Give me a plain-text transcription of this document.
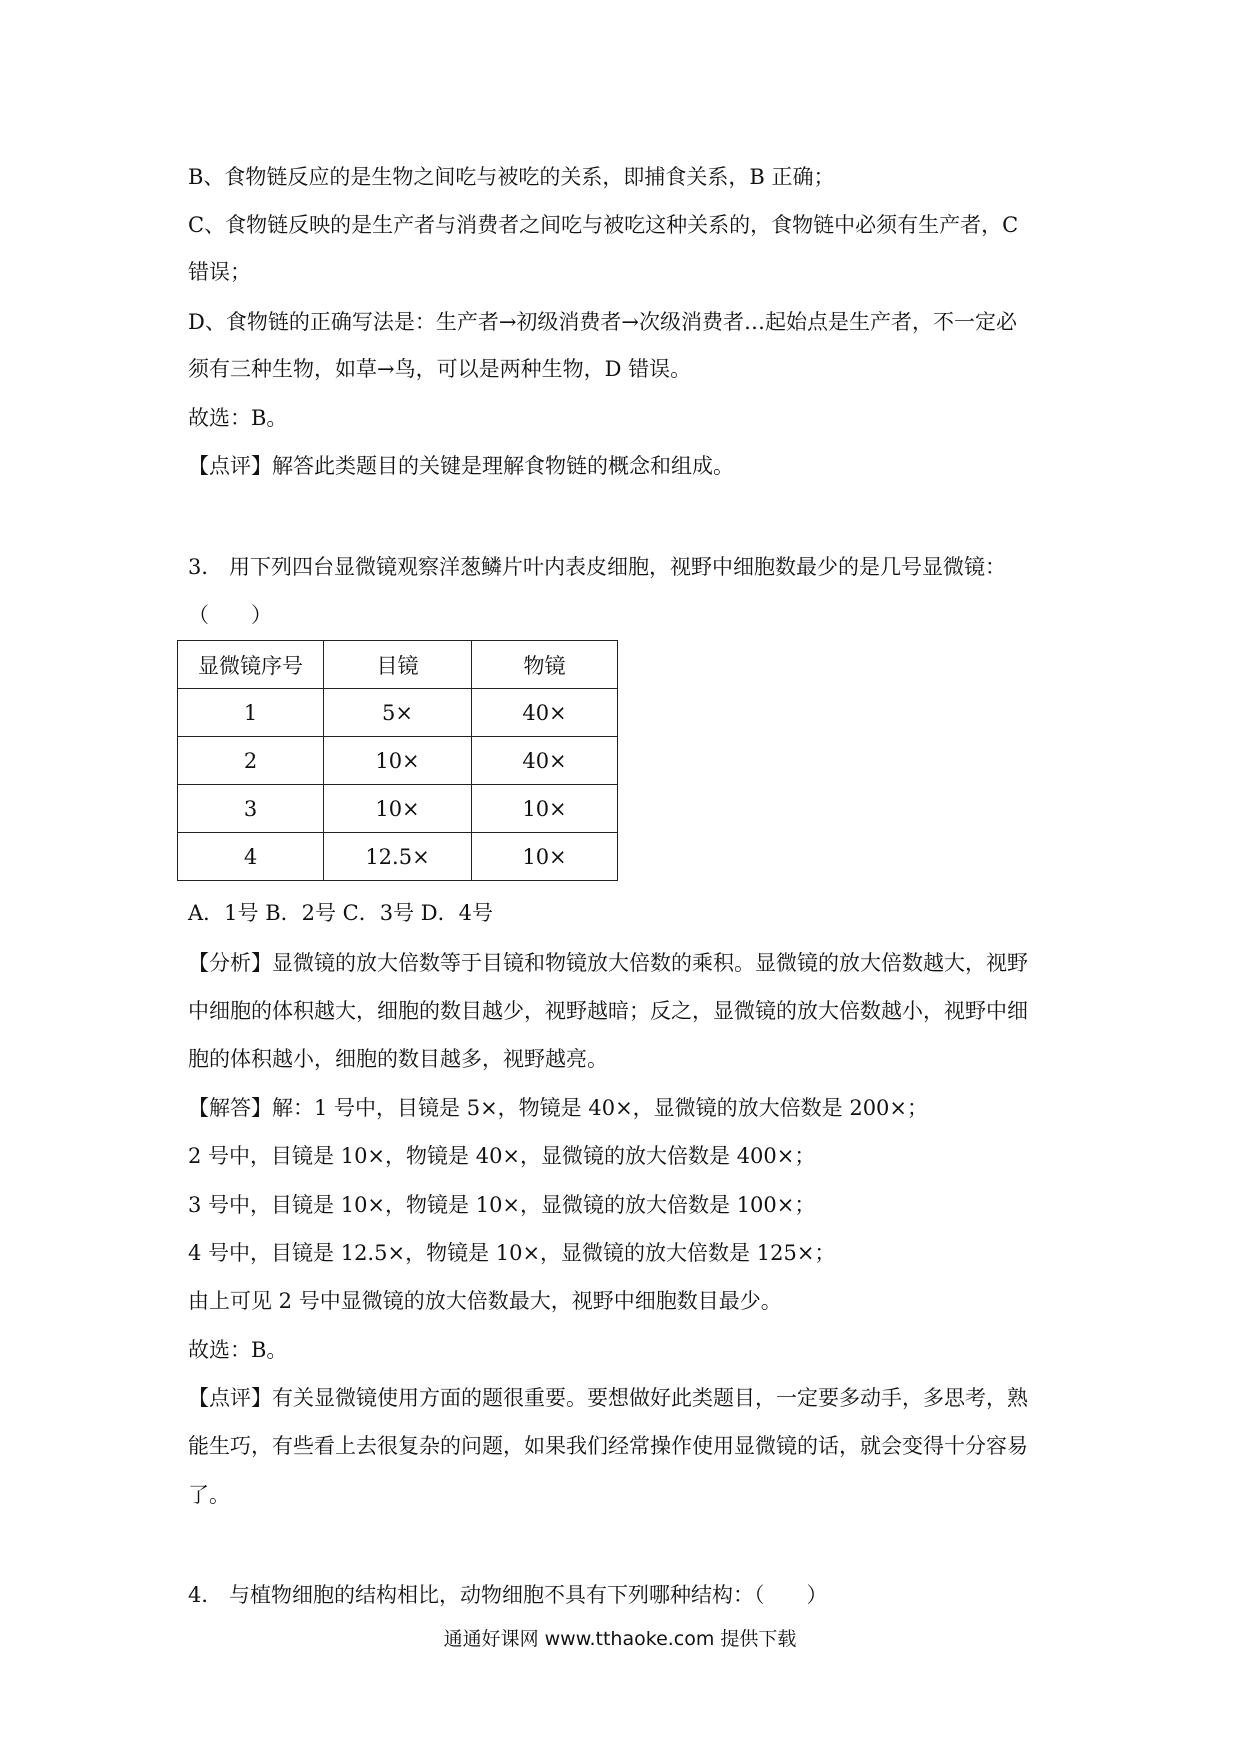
B、食物链反应的是生物之间吃与被吃的关系，即捕食关系，B 正确；
C、食物链反映的是生产者与消费者之间吃与被吃这种关系的，食物链中必须有生产者，C
错误；
D、食物链的正确写法是：生产者→初级消费者→次级消费者…起始点是生产者，不一定必
须有三种生物，如草→鸟，可以是两种生物，D 错误。
故选：B。
【点评】解答此类题目的关键是理解食物链的概念和组成。
3． 用下列四台显微镜观察洋葱鳞片叶内表皮细胞，视野中细胞数最少的是几号显微镜：
（　　）
显微镜序号	目镜	物镜
1	5×	40×
2	10×	40×
3	10×	10×
4	12.5×	10×
A．1号 B．2号 C．3号 D．4号
【分析】显微镜的放大倍数等于目镜和物镜放大倍数的乘积。显微镜的放大倍数越大，视野
中细胞的体积越大，细胞的数目越少，视野越暗；反之，显微镜的放大倍数越小，视野中细
胞的体积越小，细胞的数目越多，视野越亮。
【解答】解：1 号中，目镜是 5×，物镜是 40×，显微镜的放大倍数是 200×；
2 号中，目镜是 10×，物镜是 40×，显微镜的放大倍数是 400×；
3 号中，目镜是 10×，物镜是 10×，显微镜的放大倍数是 100×；
4 号中，目镜是 12.5×，物镜是 10×，显微镜的放大倍数是 125×；
由上可见 2 号中显微镜的放大倍数最大，视野中细胞数目最少。
故选：B。
【点评】有关显微镜使用方面的题很重要。要想做好此类题目，一定要多动手，多思考，熟
能生巧，有些看上去很复杂的问题，如果我们经常操作使用显微镜的话，就会变得十分容易
了。
4． 与植物细胞的结构相比，动物细胞不具有下列哪种结构：（　　）
通通好课网 www.tthaoke.com 提供下载
